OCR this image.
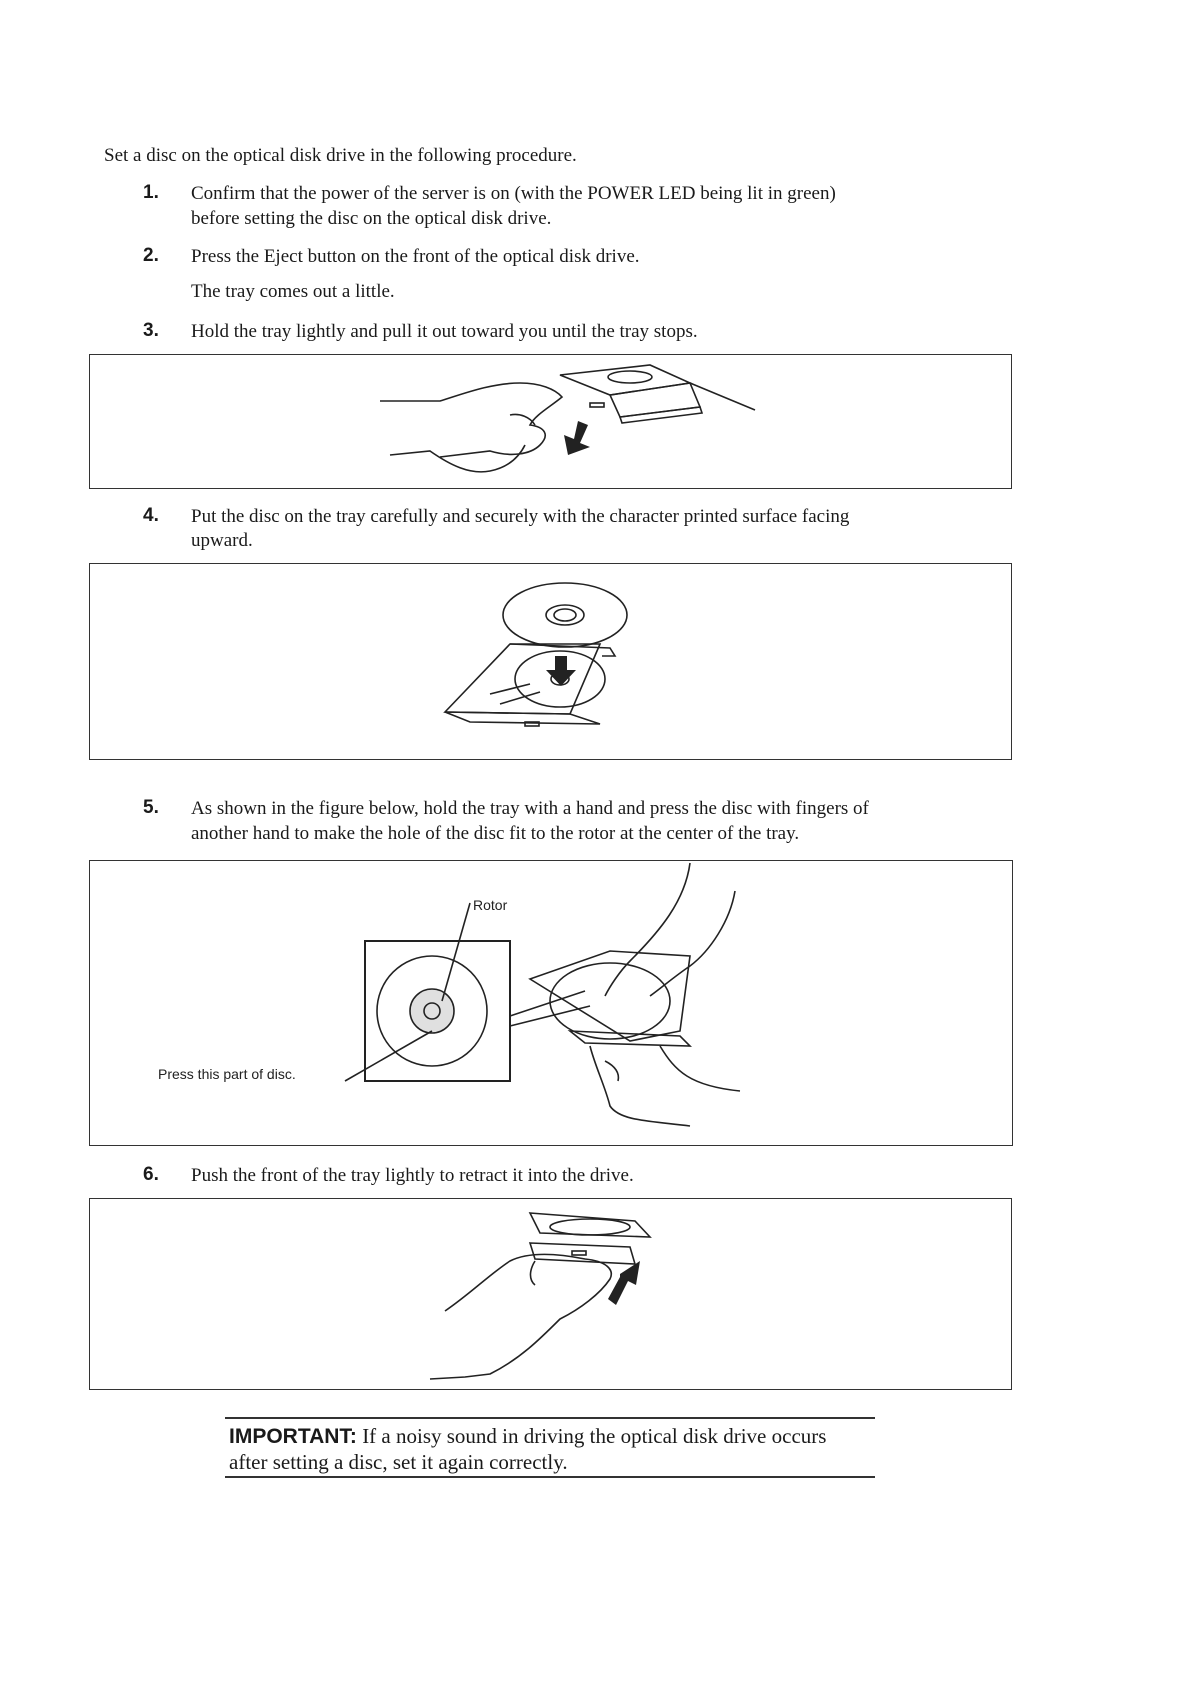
Set a disc on the optical disk drive in the following procedure.
1. Confirm that the power of the server is on (with the POWER LED being lit in green)
before setting the disc on the optical disk drive.
2. Press the Eject button on the front of the optical disk drive.
The tray comes out a little.
3. Hold the tray lightly and pull it out toward you until the tray stops.
4. Put the disc on the tray carefully and securely with the character printed surface facing
upward.
5. As shown in the figure below, hold the tray with a hand and press the disc with fingers of
another hand to make the hole of the disc fit to the rotor at the center of the tray.
Rotor
Press this part of disc.
6. Push the front of the tray lightly to retract it into the drive.
IMPORTANT: If a noisy sound in driving the optical disk drive occurs
after setting a disc, set it again correctly.
